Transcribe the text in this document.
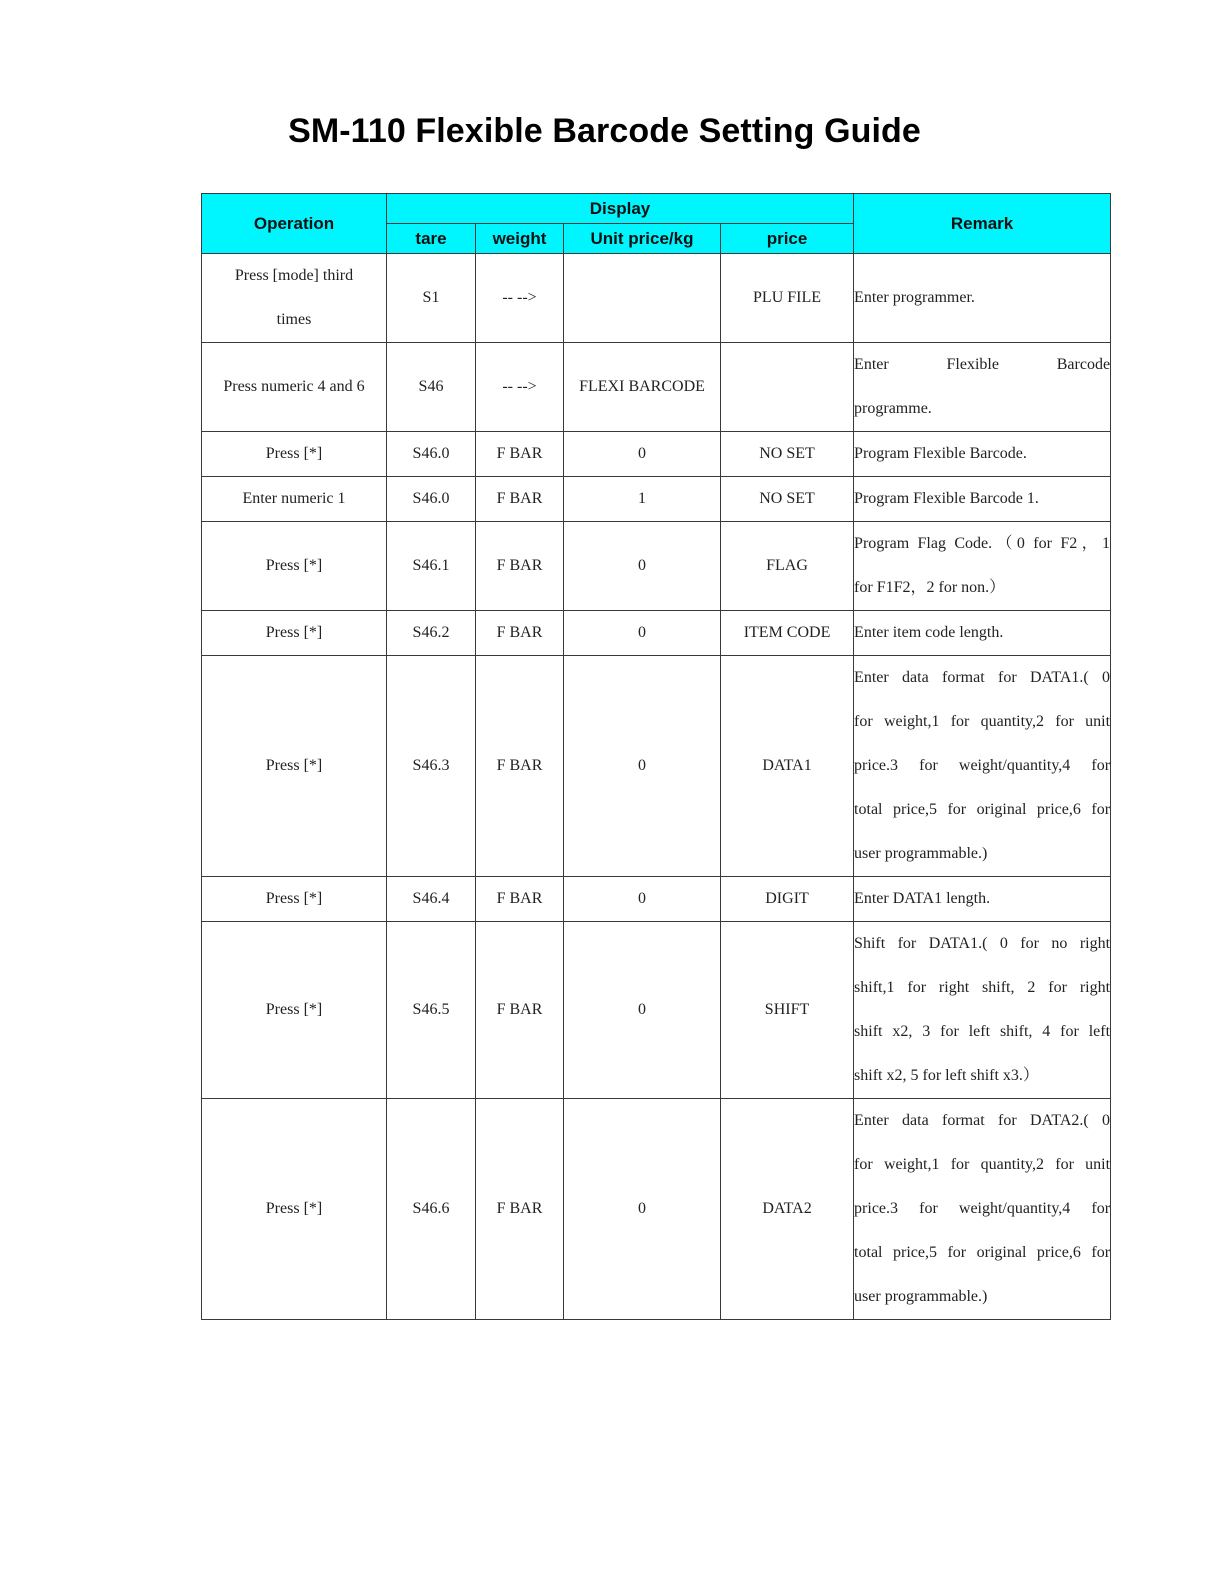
SM-110 Flexible Barcode Setting Guide
Operation	Display				Remark
	tare	weight	Unit price/kg	price	

Press [mode] third
times	S1	-- -->		PLU FILE	Enter programmer.

Press numeric 4 and 6	S46	-- -->	FLEXI BARCODE		Enter Flexible Barcode
programme.

Press [*]	S46.0	F BAR	0	NO SET	Program Flexible Barcode.

Enter numeric 1	S46.0	F BAR	1	NO SET	Program Flexible Barcode 1.

Press [*]	S46.1	F BAR	0	FLAG	Program Flag Code.（0 for F2，1
for F1F2，2 for non.）

Press [*]	S46.2	F BAR	0	ITEM CODE	Enter item code length.

Press [*]	S46.3	F BAR	0	DATA1	Enter data format for DATA1.( 0
for weight,1 for quantity,2 for unit
price.3 for weight/quantity,4 for
total price,5 for original price,6 for
user programmable.)

Press [*]	S46.4	F BAR	0	DIGIT	Enter DATA1 length.

Press [*]	S46.5	F BAR	0	SHIFT	Shift for DATA1.( 0 for no right
shift,1 for right shift, 2 for right
shift x2, 3 for left shift, 4 for left
shift x2, 5 for left shift x3.）

Press [*]	S46.6	F BAR	0	DATA2	Enter data format for DATA2.( 0
for weight,1 for quantity,2 for unit
price.3 for weight/quantity,4 for
total price,5 for original price,6 for
user programmable.)
